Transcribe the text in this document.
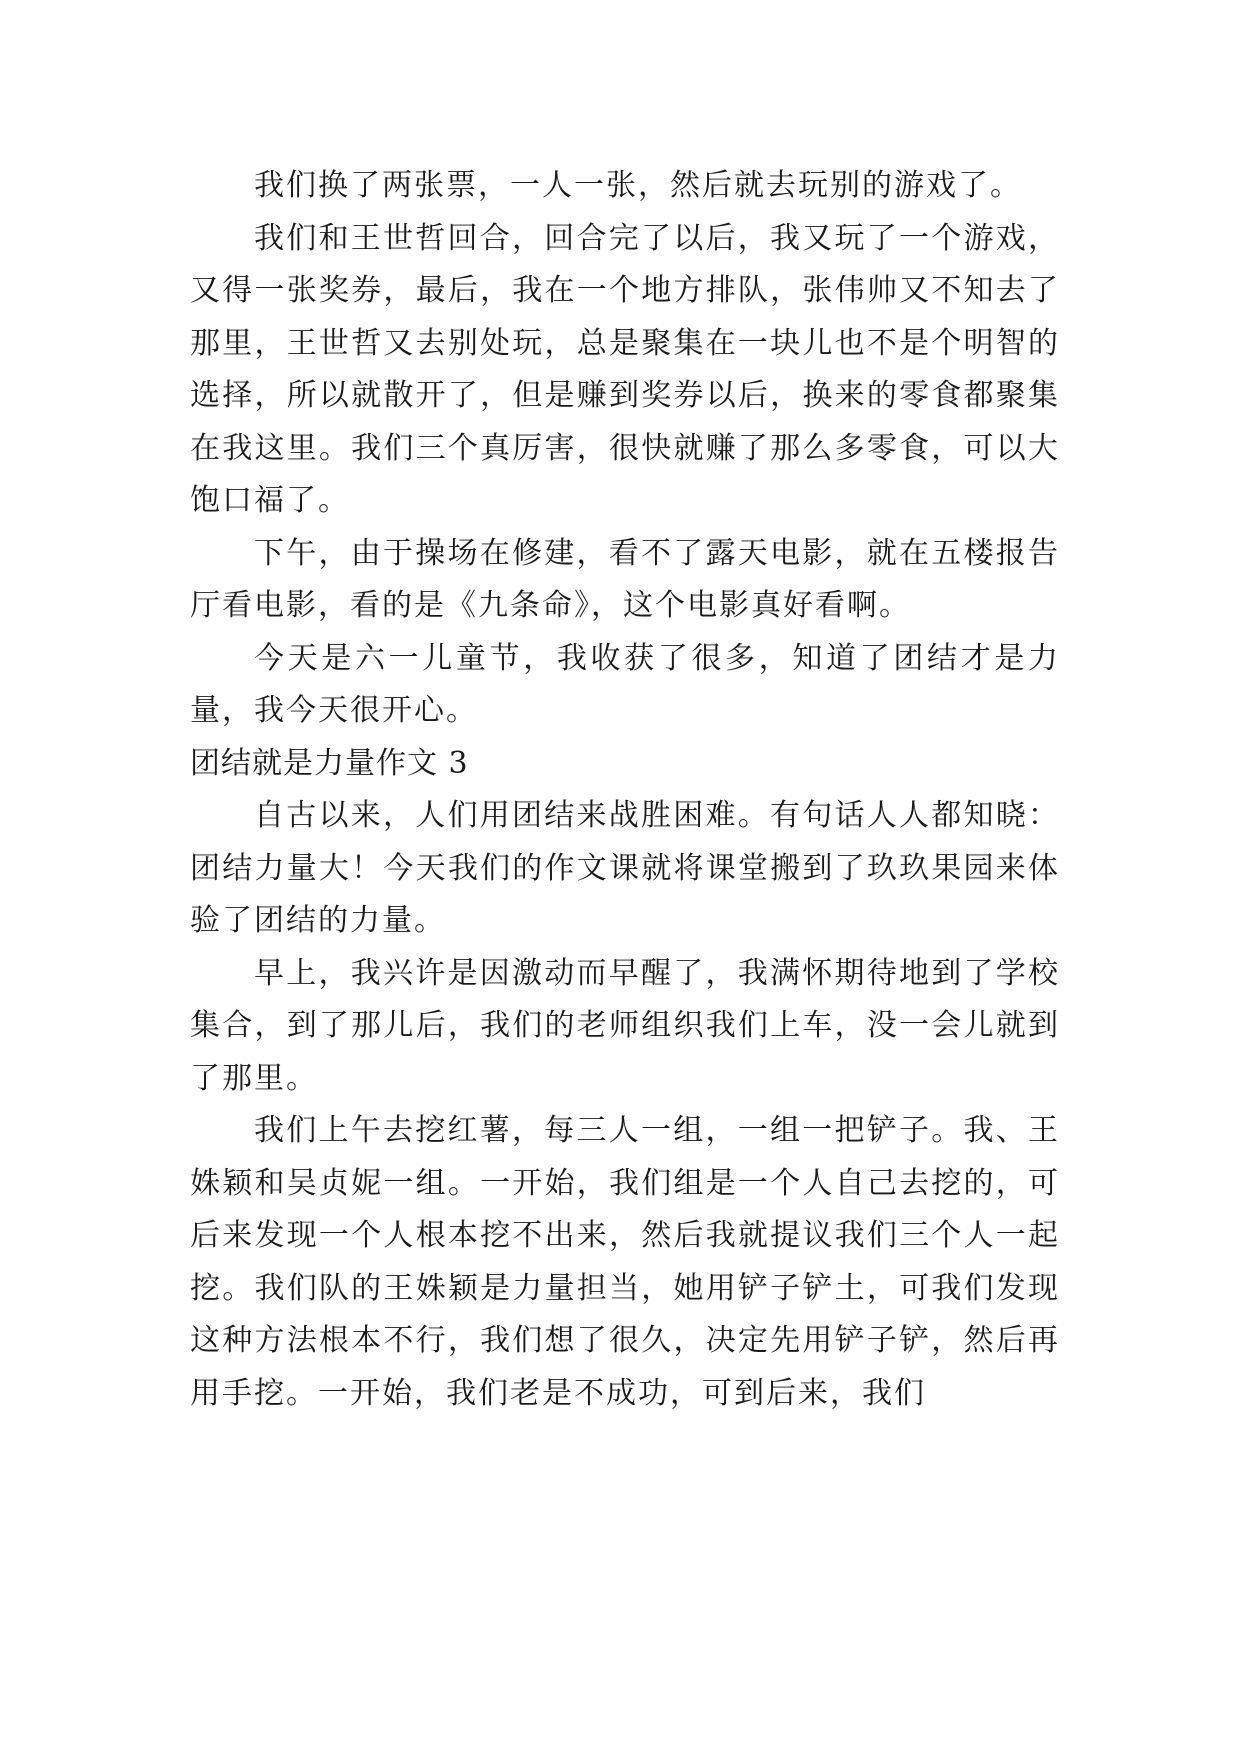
我们换了两张票，一人一张，然后就去玩别的游戏了。

我们和王世哲回合，回合完了以后，我又玩了一个游戏，又得一张奖券，最后，我在一个地方排队，张伟帅又不知去了那里，王世哲又去别处玩，总是聚集在一块儿也不是个明智的选择，所以就散开了，但是赚到奖券以后，换来的零食都聚集在我这里。我们三个真厉害，很快就赚了那么多零食，可以大饱口福了。

下午，由于操场在修建，看不了露天电影，就在五楼报告厅看电影，看的是《九条命》，这个电影真好看啊。

今天是六一儿童节，我收获了很多，知道了团结才是力量，我今天很开心。

团结就是力量作文 3

自古以来，人们用团结来战胜困难。有句话人人都知晓：团结力量大！今天我们的作文课就将课堂搬到了玖玖果园来体验了团结的力量。

早上，我兴许是因激动而早醒了，我满怀期待地到了学校集合，到了那儿后，我们的老师组织我们上车，没一会儿就到了那里。

我们上午去挖红薯，每三人一组，一组一把铲子。我、王姝颖和吴贞妮一组。一开始，我们组是一个人自己去挖的，可后来发现一个人根本挖不出来，然后我就提议我们三个人一起挖。我们队的王姝颖是力量担当，她用铲子铲土，可我们发现这种方法根本不行，我们想了很久，决定先用铲子铲，然后再用手挖。一开始，我们老是不成功，可到后来，我们
